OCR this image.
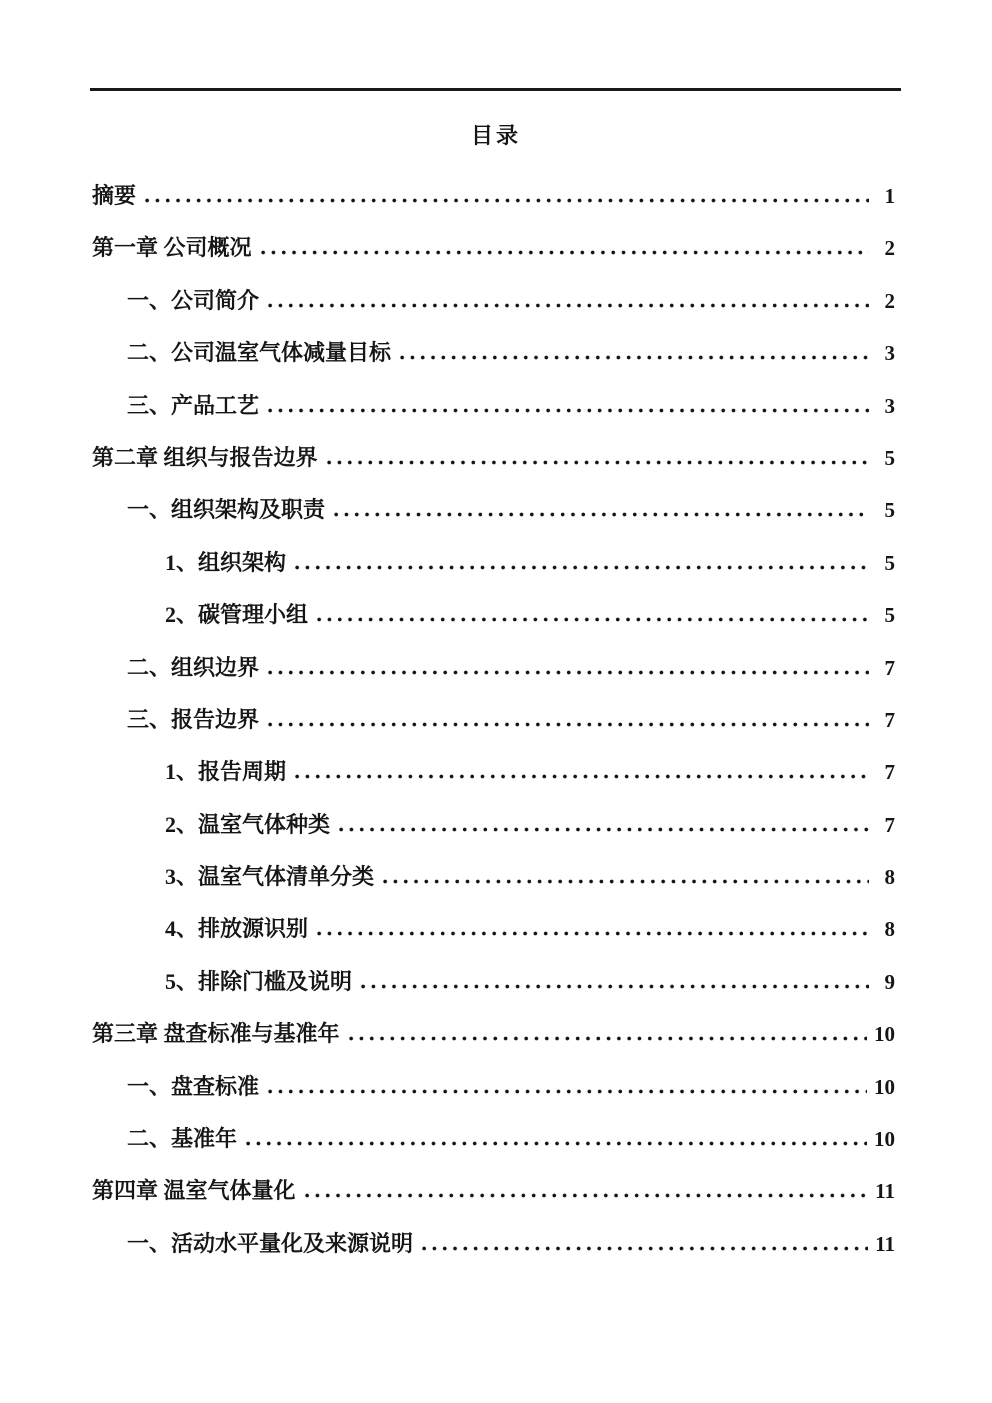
目录
摘要	1
第一章 公司概况	2
一、公司简介	2
二、公司温室气体减量目标	3
三、产品工艺	3
第二章 组织与报告边界	5
一、组织架构及职责	5
1、组织架构	5
2、碳管理小组	5
二、组织边界	7
三、报告边界	7
1、报告周期	7
2、温室气体种类	7
3、温室气体清单分类	8
4、排放源识别	8
5、排除门槛及说明	9
第三章 盘查标准与基准年	10
一、盘查标准	10
二、基准年	10
第四章 温室气体量化	11
一、活动水平量化及来源说明	11
